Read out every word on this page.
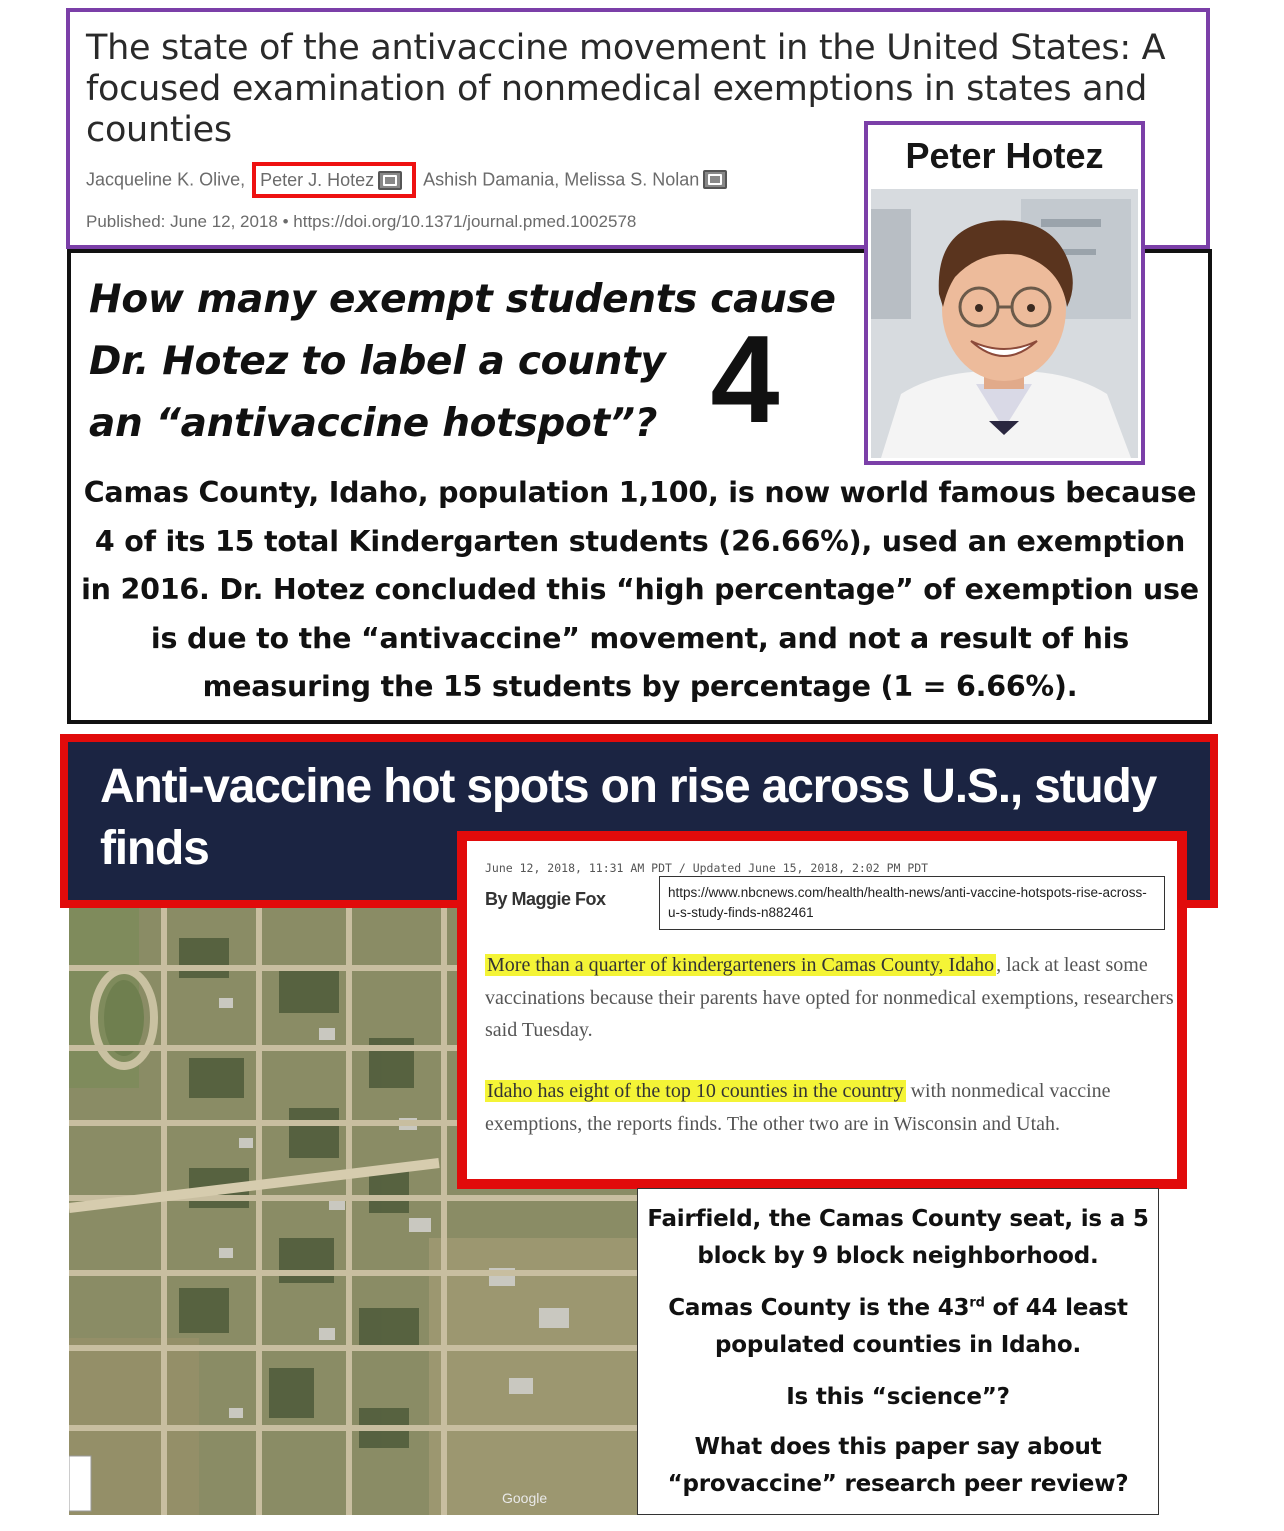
The state of the antivaccine movement in the United States: A focused examination of nonmedical exemptions in states and counties
Jacqueline K. Olive, Peter J. Hotez	Ashish Damania, Melissa S. Nolan
Published: June 12, 2018 • https://doi.org/10.1371/journal.pmed.1002578
How many exempt students cause
Dr. Hotez to label a county
an “antivaccine hotspot”? 4
Camas County, Idaho, population 1,100, is now world famous because 4 of its 15 total Kindergarten students (26.66%), used an exemption in 2016. Dr. Hotez concluded this “high percentage” of exemption use is due to the “antivaccine” movement, and not a result of his measuring the 15 students by percentage (1 = 6.66%).
Peter Hotez
Anti-vaccine hot spots on rise across U.S., study finds
Google
June 12, 2018, 11:31 AM PDT / Updated June 15, 2018, 2:02 PM PDT
By Maggie Fox	https://www.nbcnews.com/health/health-news/anti-vaccine-hotspots-rise-across-u-s-study-finds-n882461
More than a quarter of kindergarteners in Camas County, Idaho , lack at least some vaccinations because their parents have opted for nonmedical exemptions, researchers said Tuesday.
Idaho has eight of the top 10 counties in the country with nonmedical vaccine exemptions, the reports finds. The other two are in Wisconsin and Utah.
Fairfield, the Camas County seat, is a 5 block by 9 block neighborhood.
Camas County is the 43rd of 44 least populated counties in Idaho.
Is this “science”?
What does this paper say about “provaccine” research peer review?
